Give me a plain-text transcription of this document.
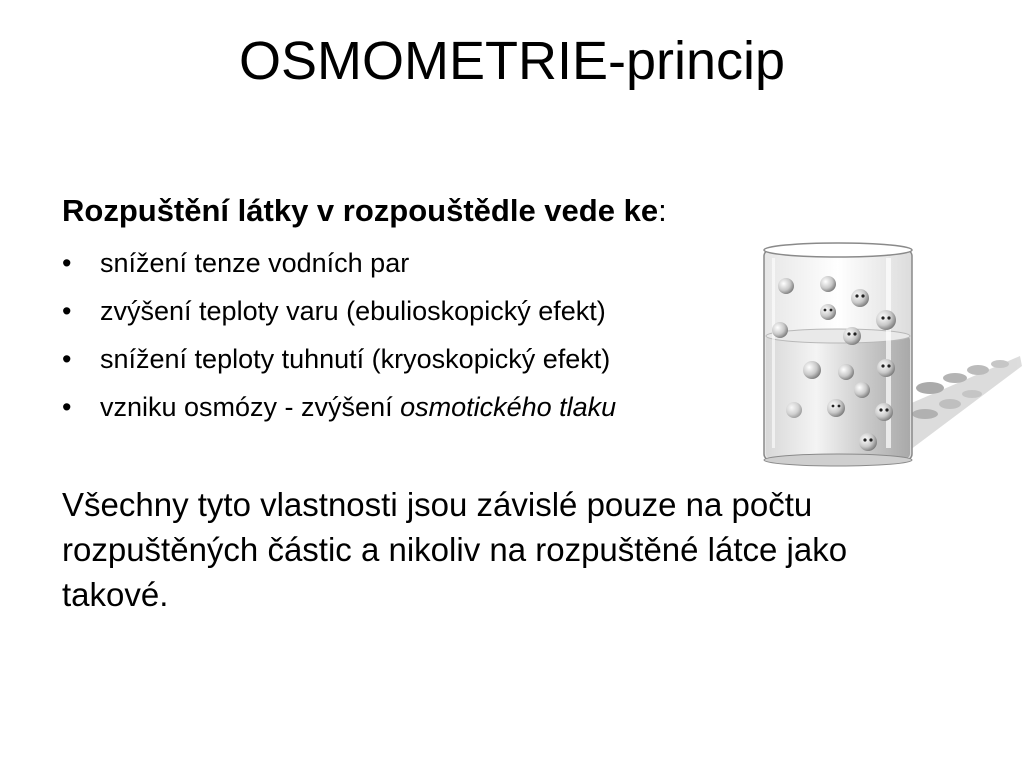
OSMOMETRIE-princip

Rozpuštění látky v rozpouštědle vede ke:

• snížení tenze vodních par
• zvýšení teploty varu (ebulioskopický efekt)
• snížení teploty tuhnutí (kryoskopický efekt)
• vzniku osmózy - zvýšení osmotického tlaku

Všechny tyto vlastnosti jsou závislé pouze na počtu rozpuštěných částic a nikoliv na rozpuštěné látce jako takové.
